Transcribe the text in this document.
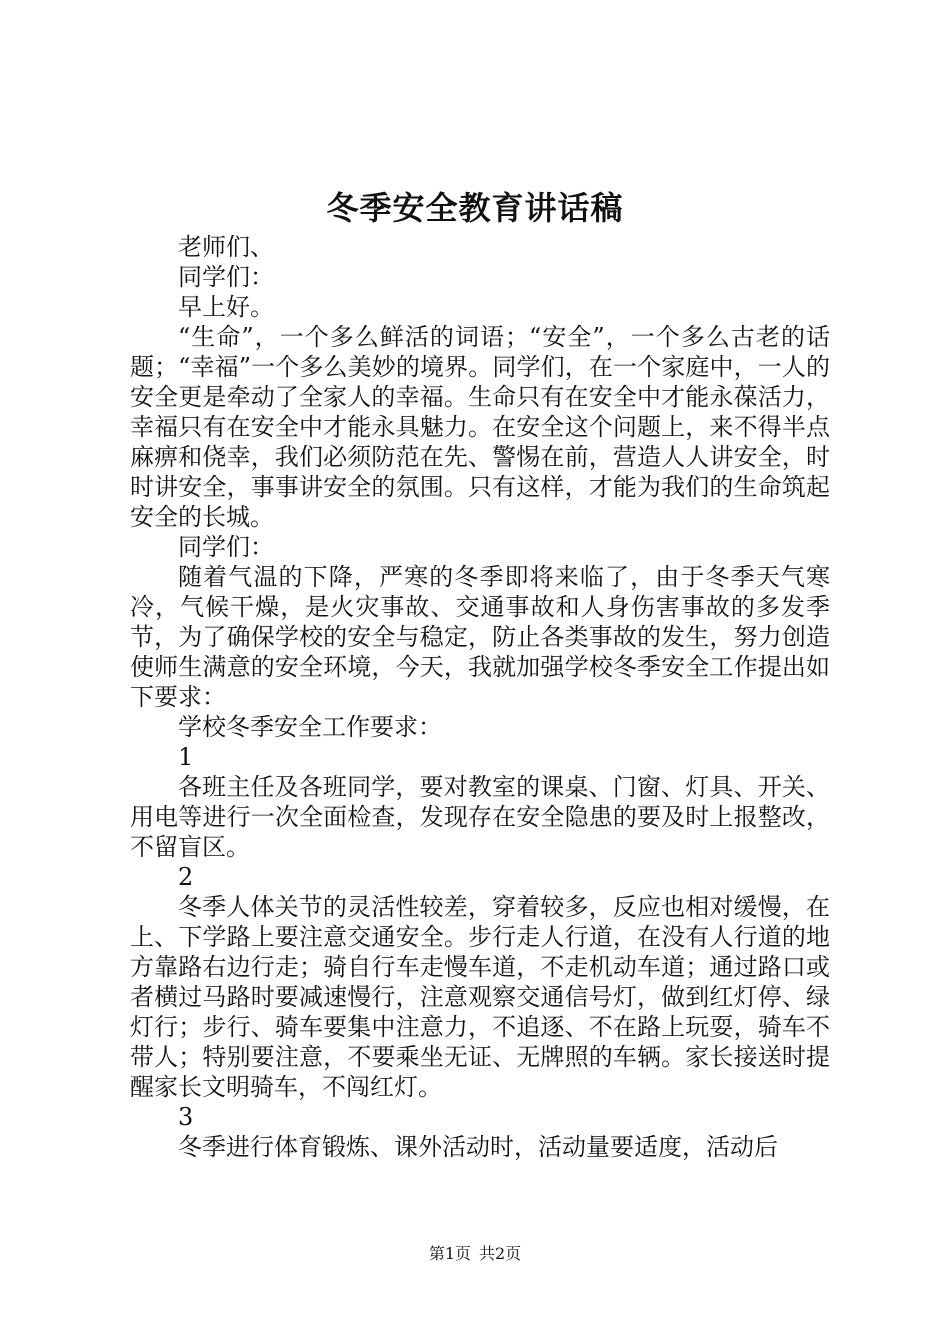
冬季安全教育讲话稿

老师们、

同学们：

早上好。

“生命”，一个多么鲜活的词语；“安全”，一个多么古老的话题；“幸福”一个多么美妙的境界。同学们，在一个家庭中，一人的安全更是牵动了全家人的幸福。生命只有在安全中才能永葆活力，幸福只有在安全中才能永具魅力。在安全这个问题上，来不得半点麻痹和侥幸，我们必须防范在先、警惕在前，营造人人讲安全，时时讲安全，事事讲安全的氛围。只有这样，才能为我们的生命筑起安全的长城。

同学们：

随着气温的下降，严寒的冬季即将来临了，由于冬季天气寒冷，气候干燥，是火灾事故、交通事故和人身伤害事故的多发季节，为了确保学校的安全与稳定，防止各类事故的发生，努力创造使师生满意的安全环境，今天，我就加强学校冬季安全工作提出如下要求：

学校冬季安全工作要求：

1

各班主任及各班同学，要对教室的课桌、门窗、灯具、开关、用电等进行一次全面检查，发现存在安全隐患的要及时上报整改，不留盲区。

2

冬季人体关节的灵活性较差，穿着较多，反应也相对缓慢，在上、下学路上要注意交通安全。步行走人行道，在没有人行道的地方靠路右边行走；骑自行车走慢车道，不走机动车道；通过路口或者横过马路时要减速慢行，注意观察交通信号灯，做到红灯停、绿灯行；步行、骑车要集中注意力，不追逐、不在路上玩耍，骑车不带人；特别要注意，不要乘坐无证、无牌照的车辆。家长接送时提醒家长文明骑车，不闯红灯。

3

冬季进行体育锻炼、课外活动时，活动量要适度，活动后

第1页 共2页
